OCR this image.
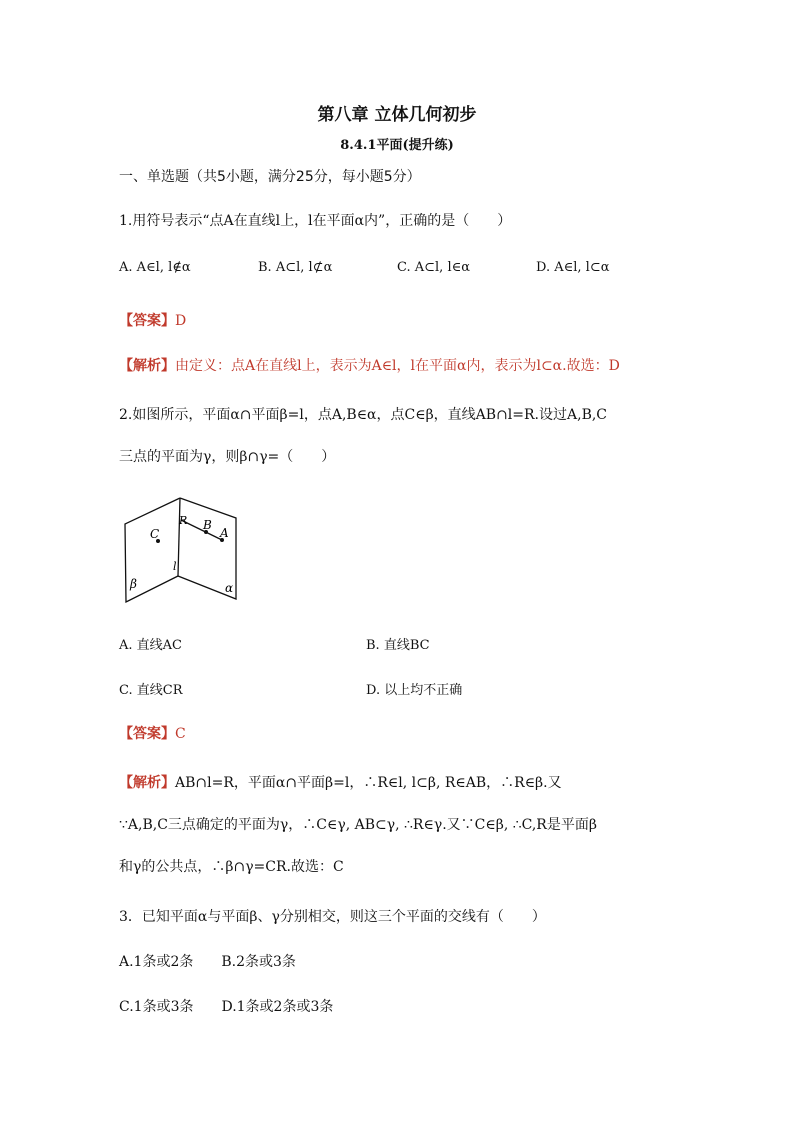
第八章 立体几何初步
8.4.1平面(提升练)
一、单选题（共5小题，满分25分，每小题5分）
1.用符号表示“点A在直线l上，l在平面α内”，正确的是（　　）
A. A∈l, l∉α	B. A⊂l, l⊄α	C. A⊂l, l∈α	D. A∈l, l⊂α
【答案】D
【解析】由定义：点A在直线l上，表示为A∈l，l在平面α内，表示为l⊂α.故选：D
2.如图所示，平面α∩平面β=l，点A,B∈α，点C∈β，直线AB∩l=R.设过A,B,C
三点的平面为γ，则β∩γ=（　　）
C
R B
A
l
β	α
A. 直线AC	B. 直线BC
C. 直线CR	D. 以上均不正确
【答案】C
【解析】AB∩l=R，平面α∩平面β=l，∴R∈l, l⊂β, R∈AB，∴R∈β.又
∵A,B,C三点确定的平面为γ，∴C∈γ, AB⊂γ, ∴R∈γ.又∵C∈β, ∴C,R是平面β
和γ的公共点，∴β∩γ=CR.故选：C
3．已知平面α与平面β、γ分别相交，则这三个平面的交线有（　　）
A.1条或2条　　B.2条或3条
C.1条或3条　　D.1条或2条或3条
